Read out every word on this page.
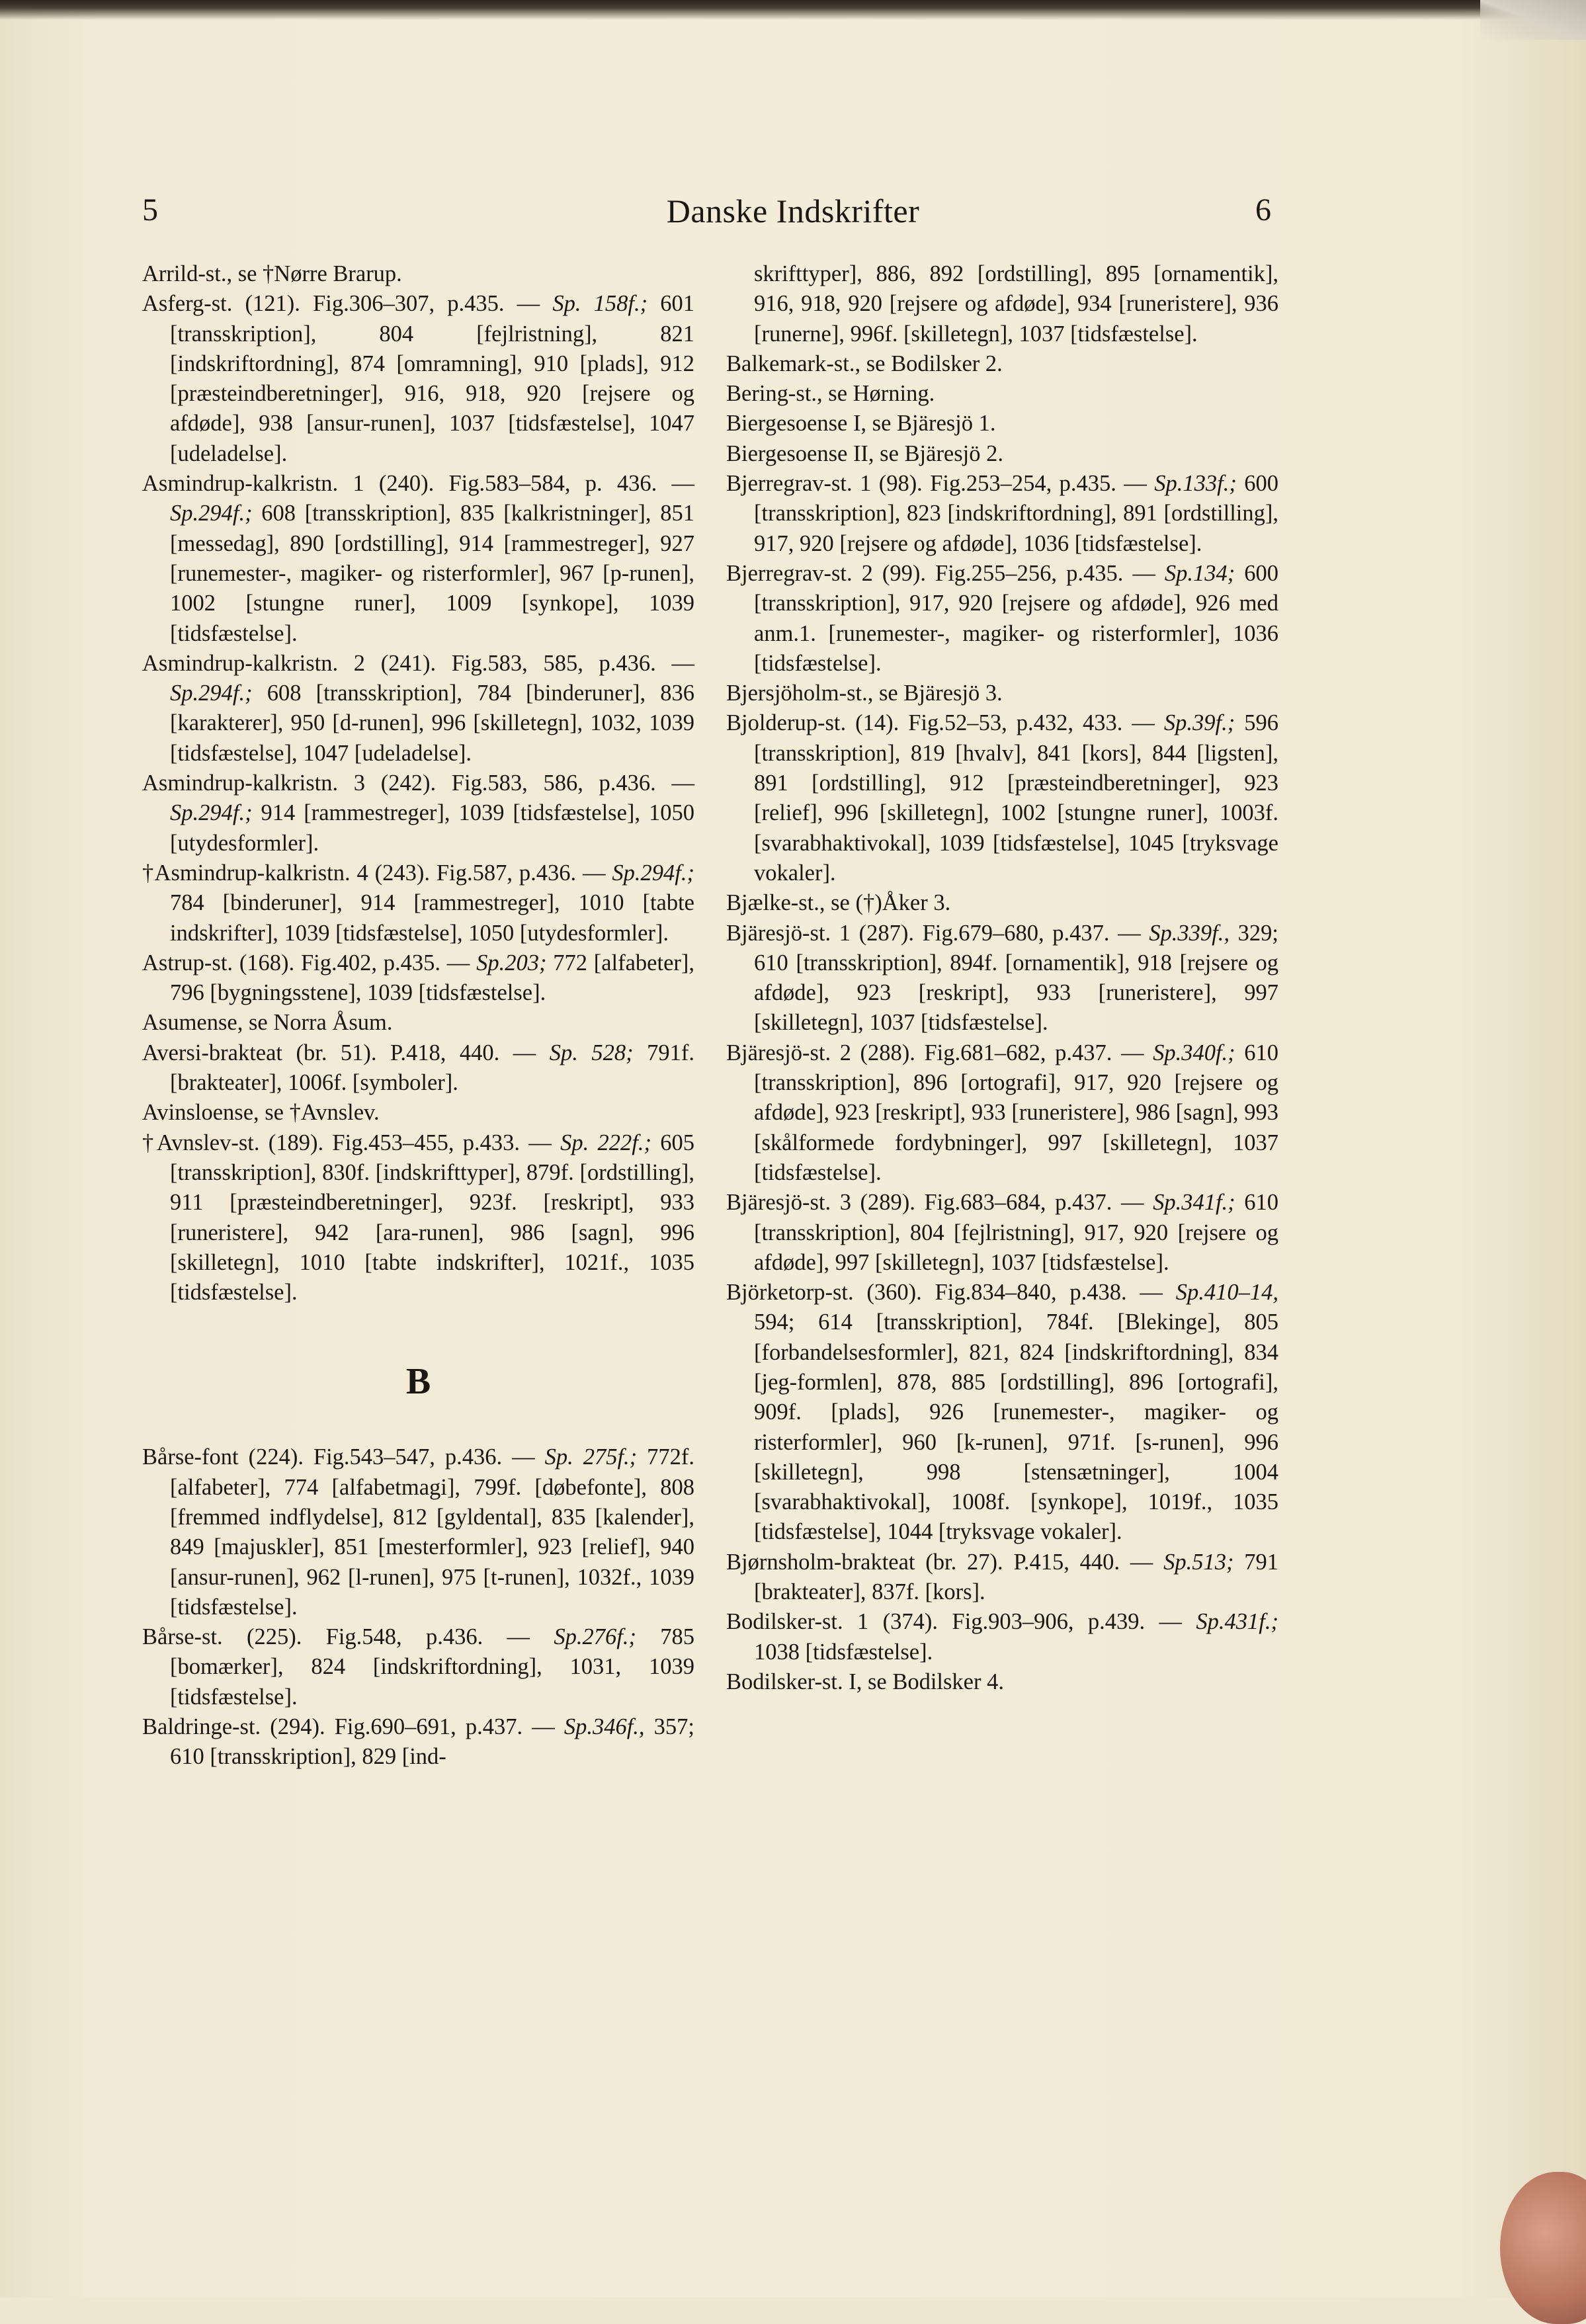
5	Danske Indskrifter	6

Arrild-st., se †Nørre Brarup.

Asferg-st. (121). Fig.306–307, p.435. — Sp. 158f.; 601 [transskription], 804 [fejlristning], 821 [indskriftordning], 874 [omramning], 910 [plads], 912 [præsteindberetninger], 916, 918, 920 [rejsere og afdøde], 938 [ansur-runen], 1037 [tidsfæstelse], 1047 [udeladelse].

Asmindrup-kalkristn. 1 (240). Fig.583–584, p. 436. — Sp.294f.; 608 [transskription], 835 [kalkristninger], 851 [messedag], 890 [ordstilling], 914 [rammestreger], 927 [runemester-, magiker- og risterformler], 967 [p-runen], 1002 [stungne runer], 1009 [synkope], 1039 [tidsfæstelse].

Asmindrup-kalkristn. 2 (241). Fig.583, 585, p.436. — Sp.294f.; 608 [transskription], 784 [binderuner], 836 [karakterer], 950 [d-runen], 996 [skilletegn], 1032, 1039 [tidsfæstelse], 1047 [udeladelse].

Asmindrup-kalkristn. 3 (242). Fig.583, 586, p.436. — Sp.294f.; 914 [rammestreger], 1039 [tidsfæstelse], 1050 [utydesformler].

†Asmindrup-kalkristn. 4 (243). Fig.587, p.436. — Sp.294f.; 784 [binderuner], 914 [rammestreger], 1010 [tabte indskrifter], 1039 [tidsfæstelse], 1050 [utydesformler].

Astrup-st. (168). Fig.402, p.435. — Sp.203; 772 [alfabeter], 796 [bygningsstene], 1039 [tidsfæstelse].

Asumense, se Norra Åsum.

Aversi-brakteat (br. 51). P.418, 440. — Sp. 528; 791f. [brakteater], 1006f. [symboler].

Avinsloense, se †Avnslev.

†Avnslev-st. (189). Fig.453–455, p.433. — Sp. 222f.; 605 [transskription], 830f. [indskrifttyper], 879f. [ordstilling], 911 [præsteindberetninger], 923f. [reskript], 933 [runeristere], 942 [ara-runen], 986 [sagn], 996 [skilletegn], 1010 [tabte indskrifter], 1021f., 1035 [tidsfæstelse].

B

Bårse-font (224). Fig.543–547, p.436. — Sp. 275f.; 772f. [alfabeter], 774 [alfabetmagi], 799f. [døbefonte], 808 [fremmed indflydelse], 812 [gyldental], 835 [kalender], 849 [majuskler], 851 [mesterformler], 923 [relief], 940 [ansur-runen], 962 [l-runen], 975 [t-runen], 1032f., 1039 [tidsfæstelse].

Bårse-st. (225). Fig.548, p.436. — Sp.276f.; 785 [bomærker], 824 [indskriftordning], 1031, 1039 [tidsfæstelse].

Baldringe-st. (294). Fig.690–691, p.437. — Sp.346f., 357; 610 [transskription], 829 [ind-

skrifttyper], 886, 892 [ordstilling], 895 [ornamentik], 916, 918, 920 [rejsere og afdøde], 934 [runeristere], 936 [runerne], 996f. [skilletegn], 1037 [tidsfæstelse].

Balkemark-st., se Bodilsker 2.

Bering-st., se Hørning.

Biergesoense I, se Bjäresjö 1.

Biergesoense II, se Bjäresjö 2.

Bjerregrav-st. 1 (98). Fig.253–254, p.435. — Sp.133f.; 600 [transskription], 823 [indskriftordning], 891 [ordstilling], 917, 920 [rejsere og afdøde], 1036 [tidsfæstelse].

Bjerregrav-st. 2 (99). Fig.255–256, p.435. — Sp.134; 600 [transskription], 917, 920 [rejsere og afdøde], 926 med anm.1. [runemester-, magiker- og risterformler], 1036 [tidsfæstelse].

Bjersjöholm-st., se Bjäresjö 3.

Bjolderup-st. (14). Fig.52–53, p.432, 433. — Sp.39f.; 596 [transskription], 819 [hvalv], 841 [kors], 844 [ligsten], 891 [ordstilling], 912 [præsteindberetninger], 923 [relief], 996 [skilletegn], 1002 [stungne runer], 1003f. [svarabhaktivokal], 1039 [tidsfæstelse], 1045 [tryksvage vokaler].

Bjælke-st., se (†)Åker 3.

Bjäresjö-st. 1 (287). Fig.679–680, p.437. — Sp.339f., 329; 610 [transskription], 894f. [ornamentik], 918 [rejsere og afdøde], 923 [reskript], 933 [runeristere], 997 [skilletegn], 1037 [tidsfæstelse].

Bjäresjö-st. 2 (288). Fig.681–682, p.437. — Sp.340f.; 610 [transskription], 896 [ortografi], 917, 920 [rejsere og afdøde], 923 [reskript], 933 [runeristere], 986 [sagn], 993 [skålformede fordybninger], 997 [skilletegn], 1037 [tidsfæstelse].

Bjäresjö-st. 3 (289). Fig.683–684, p.437. — Sp.341f.; 610 [transskription], 804 [fejlristning], 917, 920 [rejsere og afdøde], 997 [skilletegn], 1037 [tidsfæstelse].

Björketorp-st. (360). Fig.834–840, p.438. — Sp.410–14, 594; 614 [transskription], 784f. [Blekinge], 805 [forbandelsesformler], 821, 824 [indskriftordning], 834 [jeg-formlen], 878, 885 [ordstilling], 896 [ortografi], 909f. [plads], 926 [runemester-, magiker- og risterformler], 960 [k-runen], 971f. [s-runen], 996 [skilletegn], 998 [stensætninger], 1004 [svarabhaktivokal], 1008f. [synkope], 1019f., 1035 [tidsfæstelse], 1044 [tryksvage vokaler].

Bjørnsholm-brakteat (br. 27). P.415, 440. — Sp.513; 791 [brakteater], 837f. [kors].

Bodilsker-st. 1 (374). Fig.903–906, p.439. — Sp.431f.; 1038 [tidsfæstelse].

Bodilsker-st. I, se Bodilsker 4.
